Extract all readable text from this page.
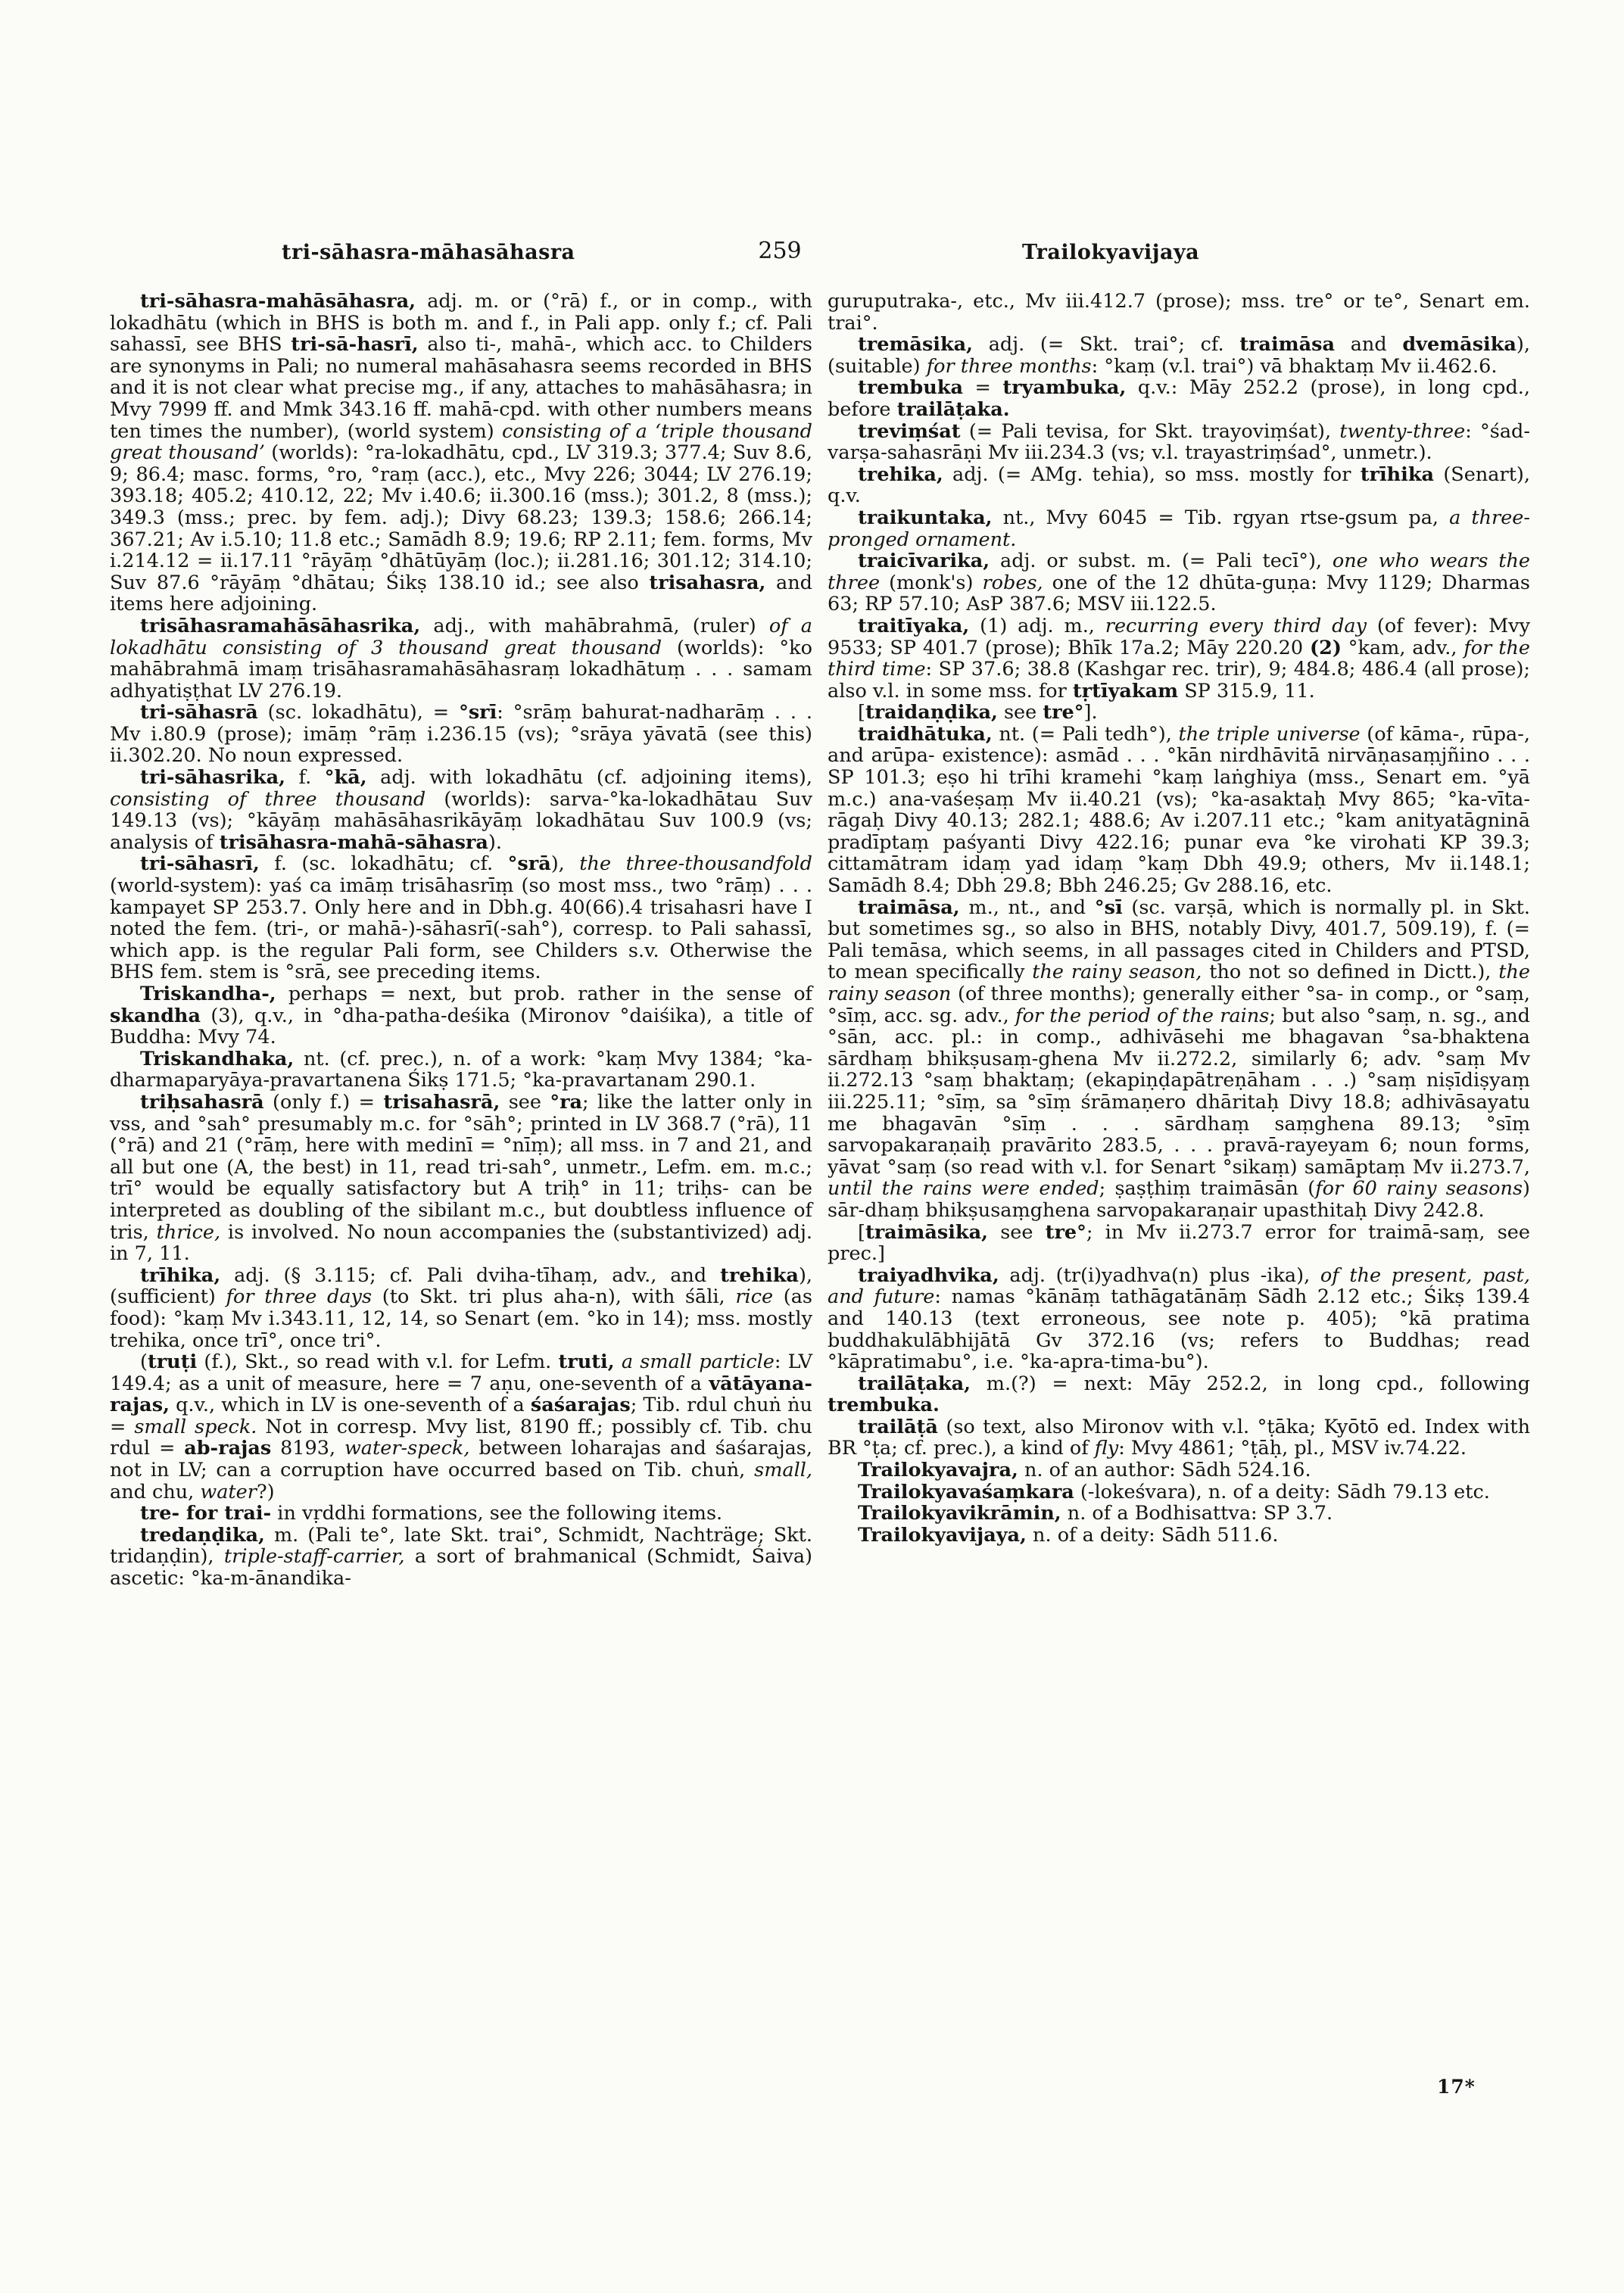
tri-sāhasra-māhasāhasra	259	Trailokyavijaya

tri-sāhasra-mahāsāhasra, adj. m. or (°rā) f., or in comp., with lokadhātu (which in BHS is both m. and f., in Pali app. only f.; cf. Pali sahassī, see BHS tri-sā-hasrī, also ti-, mahā-, which acc. to Childers are synonyms in Pali; no numeral mahāsahasra seems recorded in BHS and it is not clear what precise mg., if any, attaches to mahāsāhasra; in Mvy 7999 ff. and Mmk 343.16 ff. mahā-cpd. with other numbers means ten times the number), (world system) consisting of a ‘triple thousand great thousand’ (worlds): °ra-lokadhātu, cpd., LV 319.3; 377.4; Suv 8.6, 9; 86.4; masc. forms, °ro, °raṃ (acc.), etc., Mvy 226; 3044; LV 276.19; 393.18; 405.2; 410.12, 22; Mv i.40.6; ii.300.16 (mss.); 301.2, 8 (mss.); 349.3 (mss.; prec. by fem. adj.); Divy 68.23; 139.3; 158.6; 266.14; 367.21; Av i.5.10; 11.8 etc.; Samādh 8.9; 19.6; RP 2.11; fem. forms, Mv i.214.12 = ii.17.11 °rāyāṃ °dhātūyāṃ (loc.); ii.281.16; 301.12; 314.10; Suv 87.6 °rāyāṃ °dhātau; Śikṣ 138.10 id.; see also trisahasra, and items here adjoining.

trisāhasramahāsāhasrika, adj., with mahābrahmā, (ruler) of a lokadhātu consisting of 3 thousand great thousand (worlds): °ko mahābrahmā imaṃ trisāhasramahāsāhasraṃ lokadhātuṃ . . . samam adhyatiṣṭhat LV 276.19.

tri-sāhasrā (sc. lokadhātu), = °srī: °srāṃ bahurat-nadharāṃ . . . Mv i.80.9 (prose); imāṃ °rāṃ i.236.15 (vs); °srāya yāvatā (see this) ii.302.20. No noun expressed.

tri-sāhasrika, f. °kā, adj. with lokadhātu (cf. adjoining items), consisting of three thousand (worlds): sarva-°ka-lokadhātau Suv 149.13 (vs); °kāyāṃ mahāsāhasrikāyāṃ lokadhātau Suv 100.9 (vs; analysis of trisāhasra-mahā-sāhasra).

tri-sāhasrī, f. (sc. lokadhātu; cf. °srā), the three-thousandfold (world-system): yaś ca imāṃ trisāhasrīṃ (so most mss., two °rāṃ) . . . kampayet SP 253.7. Only here and in Dbh.g. 40(66).4 trisahasri have I noted the fem. (tri-, or mahā-)-sāhasrī(-sah°), corresp. to Pali sahassī, which app. is the regular Pali form, see Childers s.v. Otherwise the BHS fem. stem is °srā, see preceding items.

Triskandha-, perhaps = next, but prob. rather in the sense of skandha (3), q.v., in °dha-patha-deśika (Mironov °daiśika), a title of Buddha: Mvy 74.

Triskandhaka, nt. (cf. prec.), n. of a work: °kaṃ Mvy 1384; °ka-dharmaparyāya-pravartanena Śikṣ 171.5; °ka-pravartanam 290.1.

triḥsahasrā (only f.) = trisahasrā, see °ra; like the latter only in vss, and °sah° presumably m.c. for °sāh°; printed in LV 368.7 (°rā), 11 (°rā) and 21 (°rāṃ, here with medinī = °nīṃ); all mss. in 7 and 21, and all but one (A, the best) in 11, read tri-sah°, unmetr., Lefm. em. m.c.; trī° would be equally satisfactory but A triḥ° in 11; triḥs- can be interpreted as doubling of the sibilant m.c., but doubtless influence of tris, thrice, is involved. No noun accompanies the (substantivized) adj. in 7, 11.

trīhika, adj. (§ 3.115; cf. Pali dviha-tīhaṃ, adv., and trehika), (sufficient) for three days (to Skt. tri plus aha-n), with śāli, rice (as food): °kaṃ Mv i.343.11, 12, 14, so Senart (em. °ko in 14); mss. mostly trehika, once trī°, once tri°.

(truṭi (f.), Skt., so read with v.l. for Lefm. truti, a small particle: LV 149.4; as a unit of measure, here = 7 aṇu, one-seventh of a vātāyana-rajas, q.v., which in LV is one-seventh of a śaśarajas; Tib. rdul chuṅ ṅu = small speck. Not in corresp. Mvy list, 8190 ff.; possibly cf. Tib. chu rdul = ab-rajas 8193, water-speck, between loharajas and śaśarajas, not in LV; can a corruption have occurred based on Tib. chuṅ, small, and chu, water?)

tre- for trai- in vṛddhi formations, see the following items.

tredaṇḍika, m. (Pali te°, late Skt. trai°, Schmidt, Nachträge; Skt. tridaṇḍin), triple-staff-carrier, a sort of brahmanical (Schmidt, Śaiva) ascetic: °ka-m-ānandika-

guruputraka-, etc., Mv iii.412.7 (prose); mss. tre° or te°, Senart em. trai°.

tremāsika, adj. (= Skt. trai°; cf. traimāsa and dvemāsika), (suitable) for three months: °kaṃ (v.l. trai°) vā bhaktaṃ Mv ii.462.6.

trembuka = tryambuka, q.v.: Māy 252.2 (prose), in long cpd., before trailāṭaka.

treviṃśat (= Pali tevisa, for Skt. trayoviṃśat), twenty-three: °śad-varṣa-sahasrāṇi Mv iii.234.3 (vs; v.l. trayastriṃśad°, unmetr.).

trehika, adj. (= AMg. tehia), so mss. mostly for trīhika (Senart), q.v.

traikuntaka, nt., Mvy 6045 = Tib. rgyan rtse-gsum pa, a three-pronged ornament.

traicīvarika, adj. or subst. m. (= Pali tecī°), one who wears the three (monk's) robes, one of the 12 dhūta-guṇa: Mvy 1129; Dharmas 63; RP 57.10; AsP 387.6; MSV iii.122.5.

traitīyaka, (1) adj. m., recurring every third day (of fever): Mvy 9533; SP 401.7 (prose); Bhīk 17a.2; Māy 220.20 (2) °kam, adv., for the third time: SP 37.6; 38.8 (Kashgar rec. trir), 9; 484.8; 486.4 (all prose); also v.l. in some mss. for tṛtīyakam SP 315.9, 11.

[traidaṇḍika, see tre°].

traidhātuka, nt. (= Pali tedh°), the triple universe (of kāma-, rūpa-, and arūpa- existence): asmād . . . °kān nirdhāvitā nirvāṇasaṃjñino . . . SP 101.3; eṣo hi trīhi kramehi °kaṃ laṅghiya (mss., Senart em. °yā m.c.) ana-vaśeṣaṃ Mv ii.40.21 (vs); °ka-asaktaḥ Mvy 865; °ka-vīta-rāgaḥ Divy 40.13; 282.1; 488.6; Av i.207.11 etc.; °kam anityatāgninā pradīptaṃ paśyanti Divy 422.16; punar eva °ke virohati KP 39.3; cittamātram idaṃ yad idaṃ °kaṃ Dbh 49.9; others, Mv ii.148.1; Samādh 8.4; Dbh 29.8; Bbh 246.25; Gv 288.16, etc.

traimāsa, m., nt., and °sī (sc. varṣā, which is normally pl. in Skt. but sometimes sg., so also in BHS, notably Divy, 401.7, 509.19), f. (= Pali temāsa, which seems, in all passages cited in Childers and PTSD, to mean specifically the rainy season, tho not so defined in Dictt.), the rainy season (of three months); generally either °sa- in comp., or °saṃ, °sīṃ, acc. sg. adv., for the period of the rains; but also °saṃ, n. sg., and °sān, acc. pl.: in comp., adhivāsehi me bhagavan °sa-bhaktena sārdhaṃ bhikṣusaṃ-ghena Mv ii.272.2, similarly 6; adv. °saṃ Mv ii.272.13 °saṃ bhaktaṃ; (ekapiṇḍapātreṇāham . . .) °saṃ niṣīdiṣyaṃ iii.225.11; °sīṃ, sa °sīṃ śrāmaṇero dhāritaḥ Divy 18.8; adhivāsayatu me bhagavān °sīṃ . . . sārdhaṃ saṃghena 89.13; °sīṃ sarvopakaraṇaiḥ pravārito 283.5, . . . pravā-rayeyam 6; noun forms, yāvat °saṃ (so read with v.l. for Senart °sikaṃ) samāptaṃ Mv ii.273.7, until the rains were ended; ṣaṣṭhiṃ traimāsān (for 60 rainy seasons) sār-dhaṃ bhikṣusaṃghena sarvopakaraṇair upasthitaḥ Divy 242.8.

[traimāsika, see tre°; in Mv ii.273.7 error for traimā-saṃ, see prec.]

traiyadhvika, adj. (tr(i)yadhva(n) plus -ika), of the present, past, and future: namas °kānāṃ tathāgatānāṃ Sādh 2.12 etc.; Śikṣ 139.4 and 140.13 (text erroneous, see note p. 405); °kā pratima buddhakulābhijātā Gv 372.16 (vs; refers to Buddhas; read °kāpratimabu°, i.e. °ka-apra-tima-bu°).

trailāṭaka, m.(?) = next: Māy 252.2, in long cpd., following trembuka.

trailāṭā (so text, also Mironov with v.l. °ṭāka; Kyōtō ed. Index with BR °ṭa; cf. prec.), a kind of fly: Mvy 4861; °ṭāḥ, pl., MSV iv.74.22.

Trailokyavajra, n. of an author: Sādh 524.16.

Trailokyavaśaṃkara (-lokeśvara), n. of a deity: Sādh 79.13 etc.

Trailokyavikrāmin, n. of a Bodhisattva: SP 3.7.

Trailokyavijaya, n. of a deity: Sādh 511.6.

17*
